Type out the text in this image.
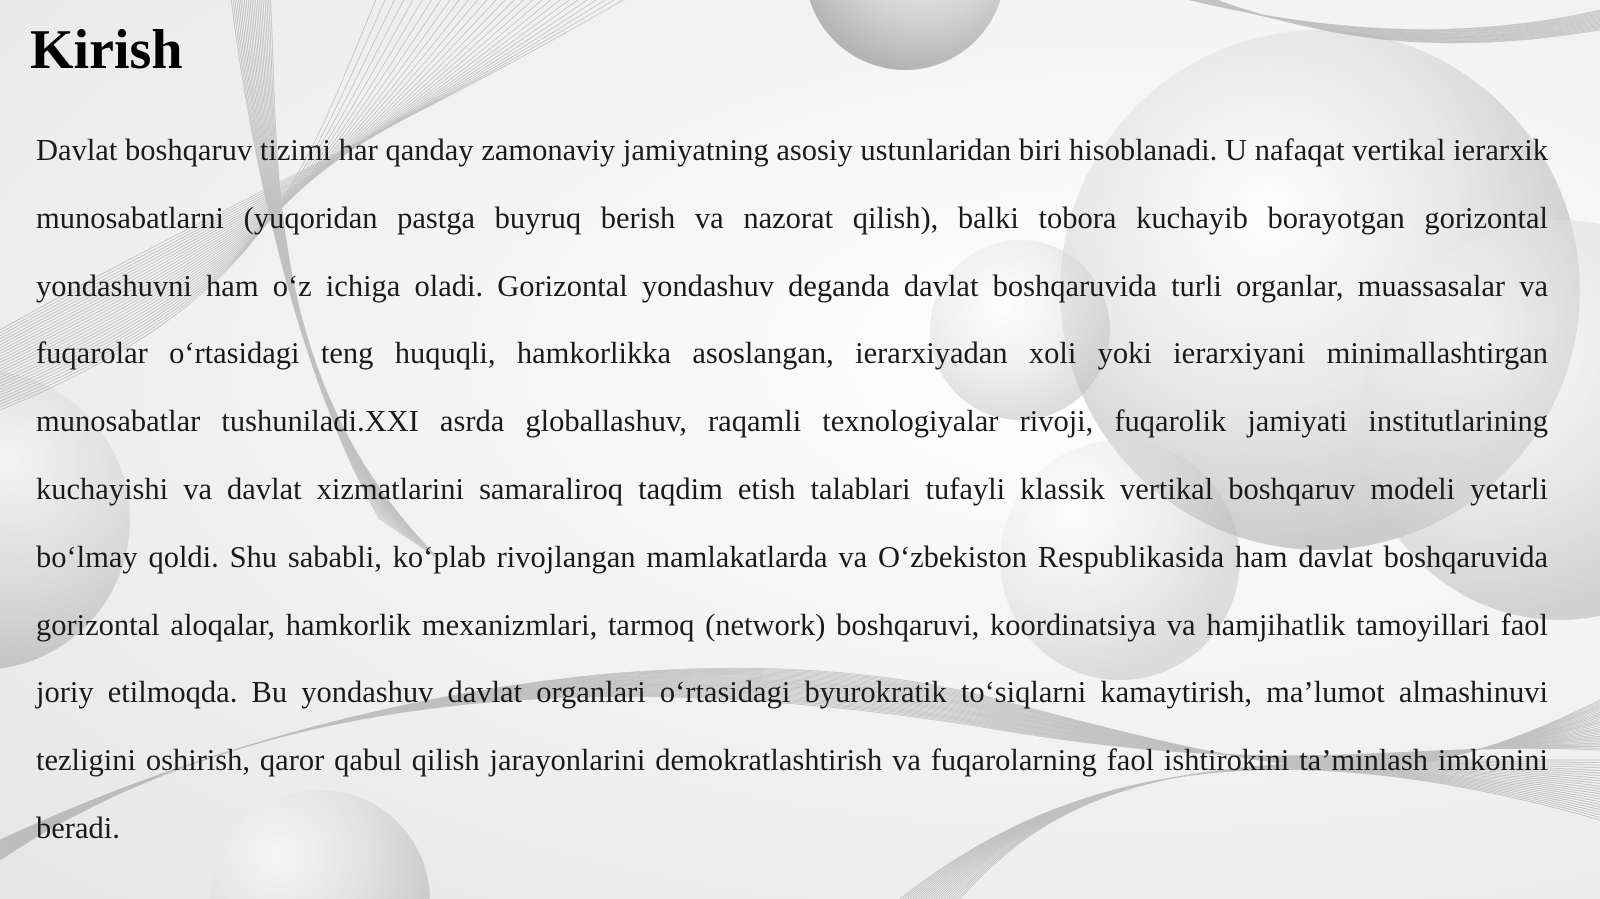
Kirish

Davlat boshqaruv tizimi har qanday zamonaviy jamiyatning asosiy ustunlaridan biri hisoblanadi. U nafaqat vertikal ierarxik munosabatlarni (yuqoridan pastga buyruq berish va nazorat qilish), balki tobora kuchayib borayotgan gorizontal yondashuvni ham o‘z ichiga oladi. Gorizontal yondashuv deganda davlat boshqaruvida turli organlar, muassasalar va fuqarolar o‘rtasidagi teng huquqli, hamkorlikka asoslangan, ierarxiyadan xoli yoki ierarxiyani minimallashtirgan munosabatlar tushuniladi.XXI asrda globallashuv, raqamli texnologiyalar rivoji, fuqarolik jamiyati institutlarining kuchayishi va davlat xizmatlarini samaraliroq taqdim etish talablari tufayli klassik vertikal boshqaruv modeli yetarli bo‘lmay qoldi. Shu sababli, ko‘plab rivojlangan mamlakatlarda va O‘zbekiston Respublikasida ham davlat boshqaruvida gorizontal aloqalar, hamkorlik mexanizmlari, tarmoq (network) boshqaruvi, koordinatsiya va hamjihatlik tamoyillari faol joriy etilmoqda. Bu yondashuv davlat organlari o‘rtasidagi byurokratik to‘siqlarni kamaytirish, ma’lumot almashinuvi tezligini oshirish, qaror qabul qilish jarayonlarini demokratlashtirish va fuqarolarning faol ishtirokini ta’minlash imkonini beradi.
